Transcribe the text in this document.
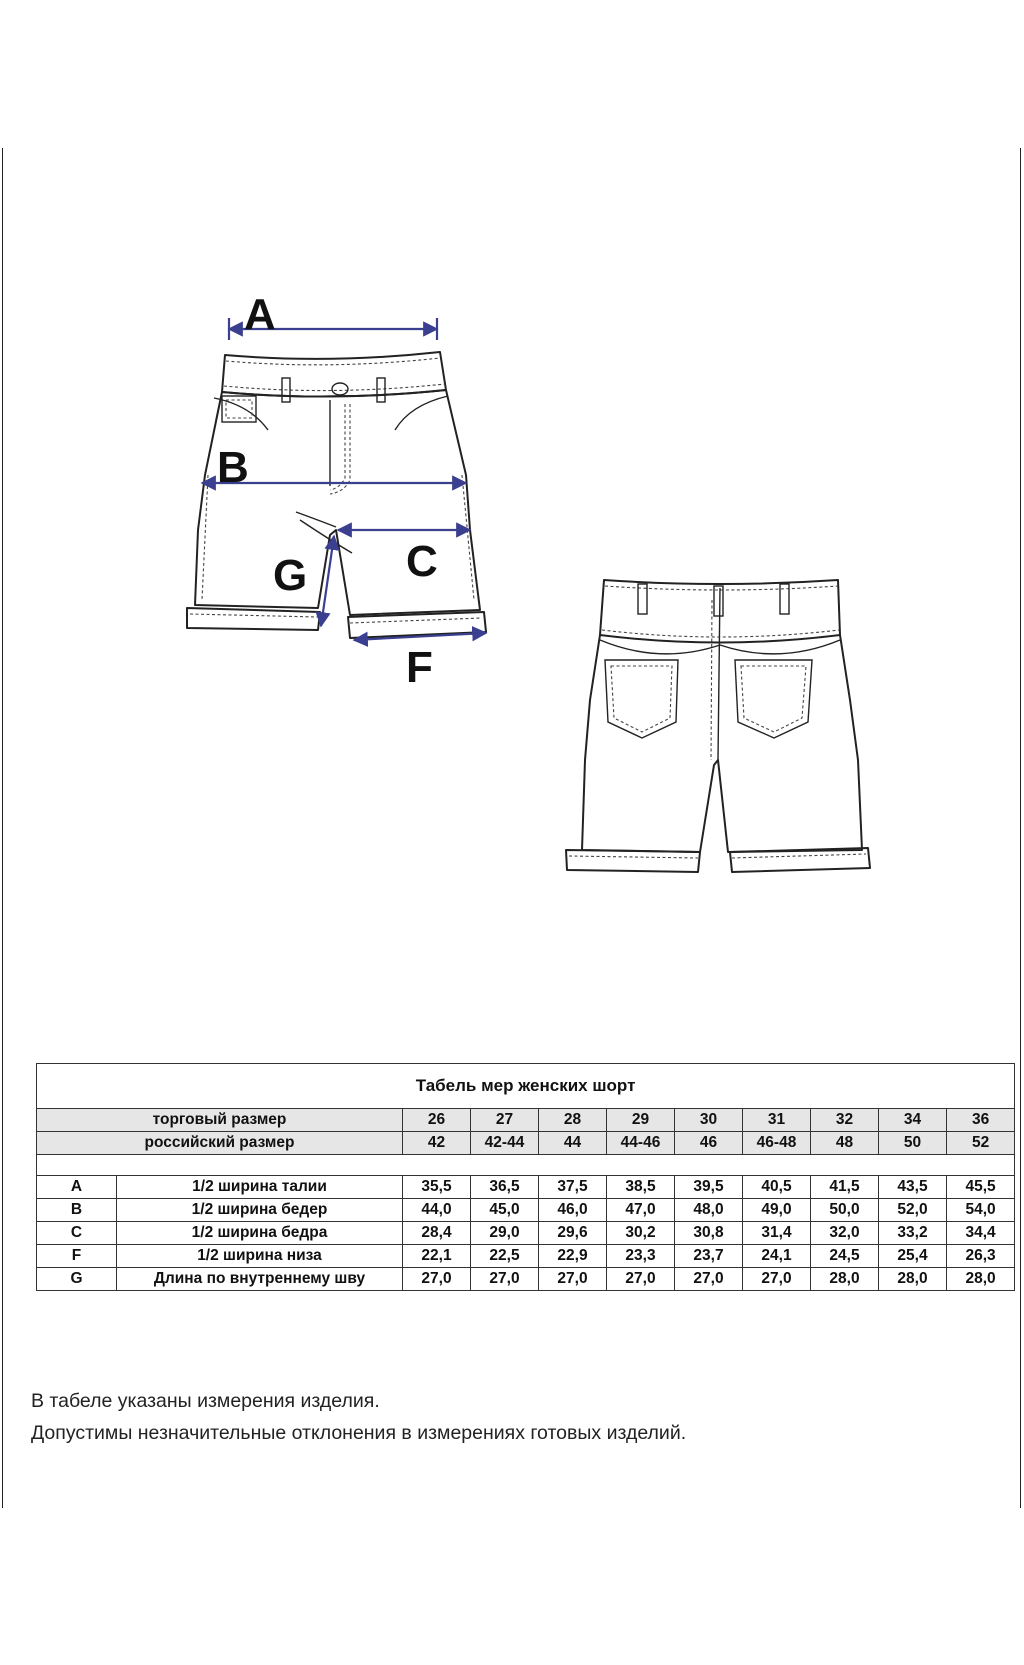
A
B
C
F
G
Табель мер женских шорт										
торговый размер		26	27	28	29	30	31	32	34	36
российский размер		42	42-44	44	44-46	46	46-48	48	50	52

A	1/2 ширина талии	35,5	36,5	37,5	38,5	39,5	40,5	41,5	43,5	45,5
B	1/2 ширина бедер	44,0	45,0	46,0	47,0	48,0	49,0	50,0	52,0	54,0
C	1/2 ширина бедра	28,4	29,0	29,6	30,2	30,8	31,4	32,0	33,2	34,4
F	1/2 ширина низа	22,1	22,5	22,9	23,3	23,7	24,1	24,5	25,4	26,3
G	Длина по внутреннему шву	27,0	27,0	27,0	27,0	27,0	27,0	28,0	28,0	28,0
В табеле указаны измерения изделия.
Допустимы незначительные отклонения в измерениях готовых изделий.
